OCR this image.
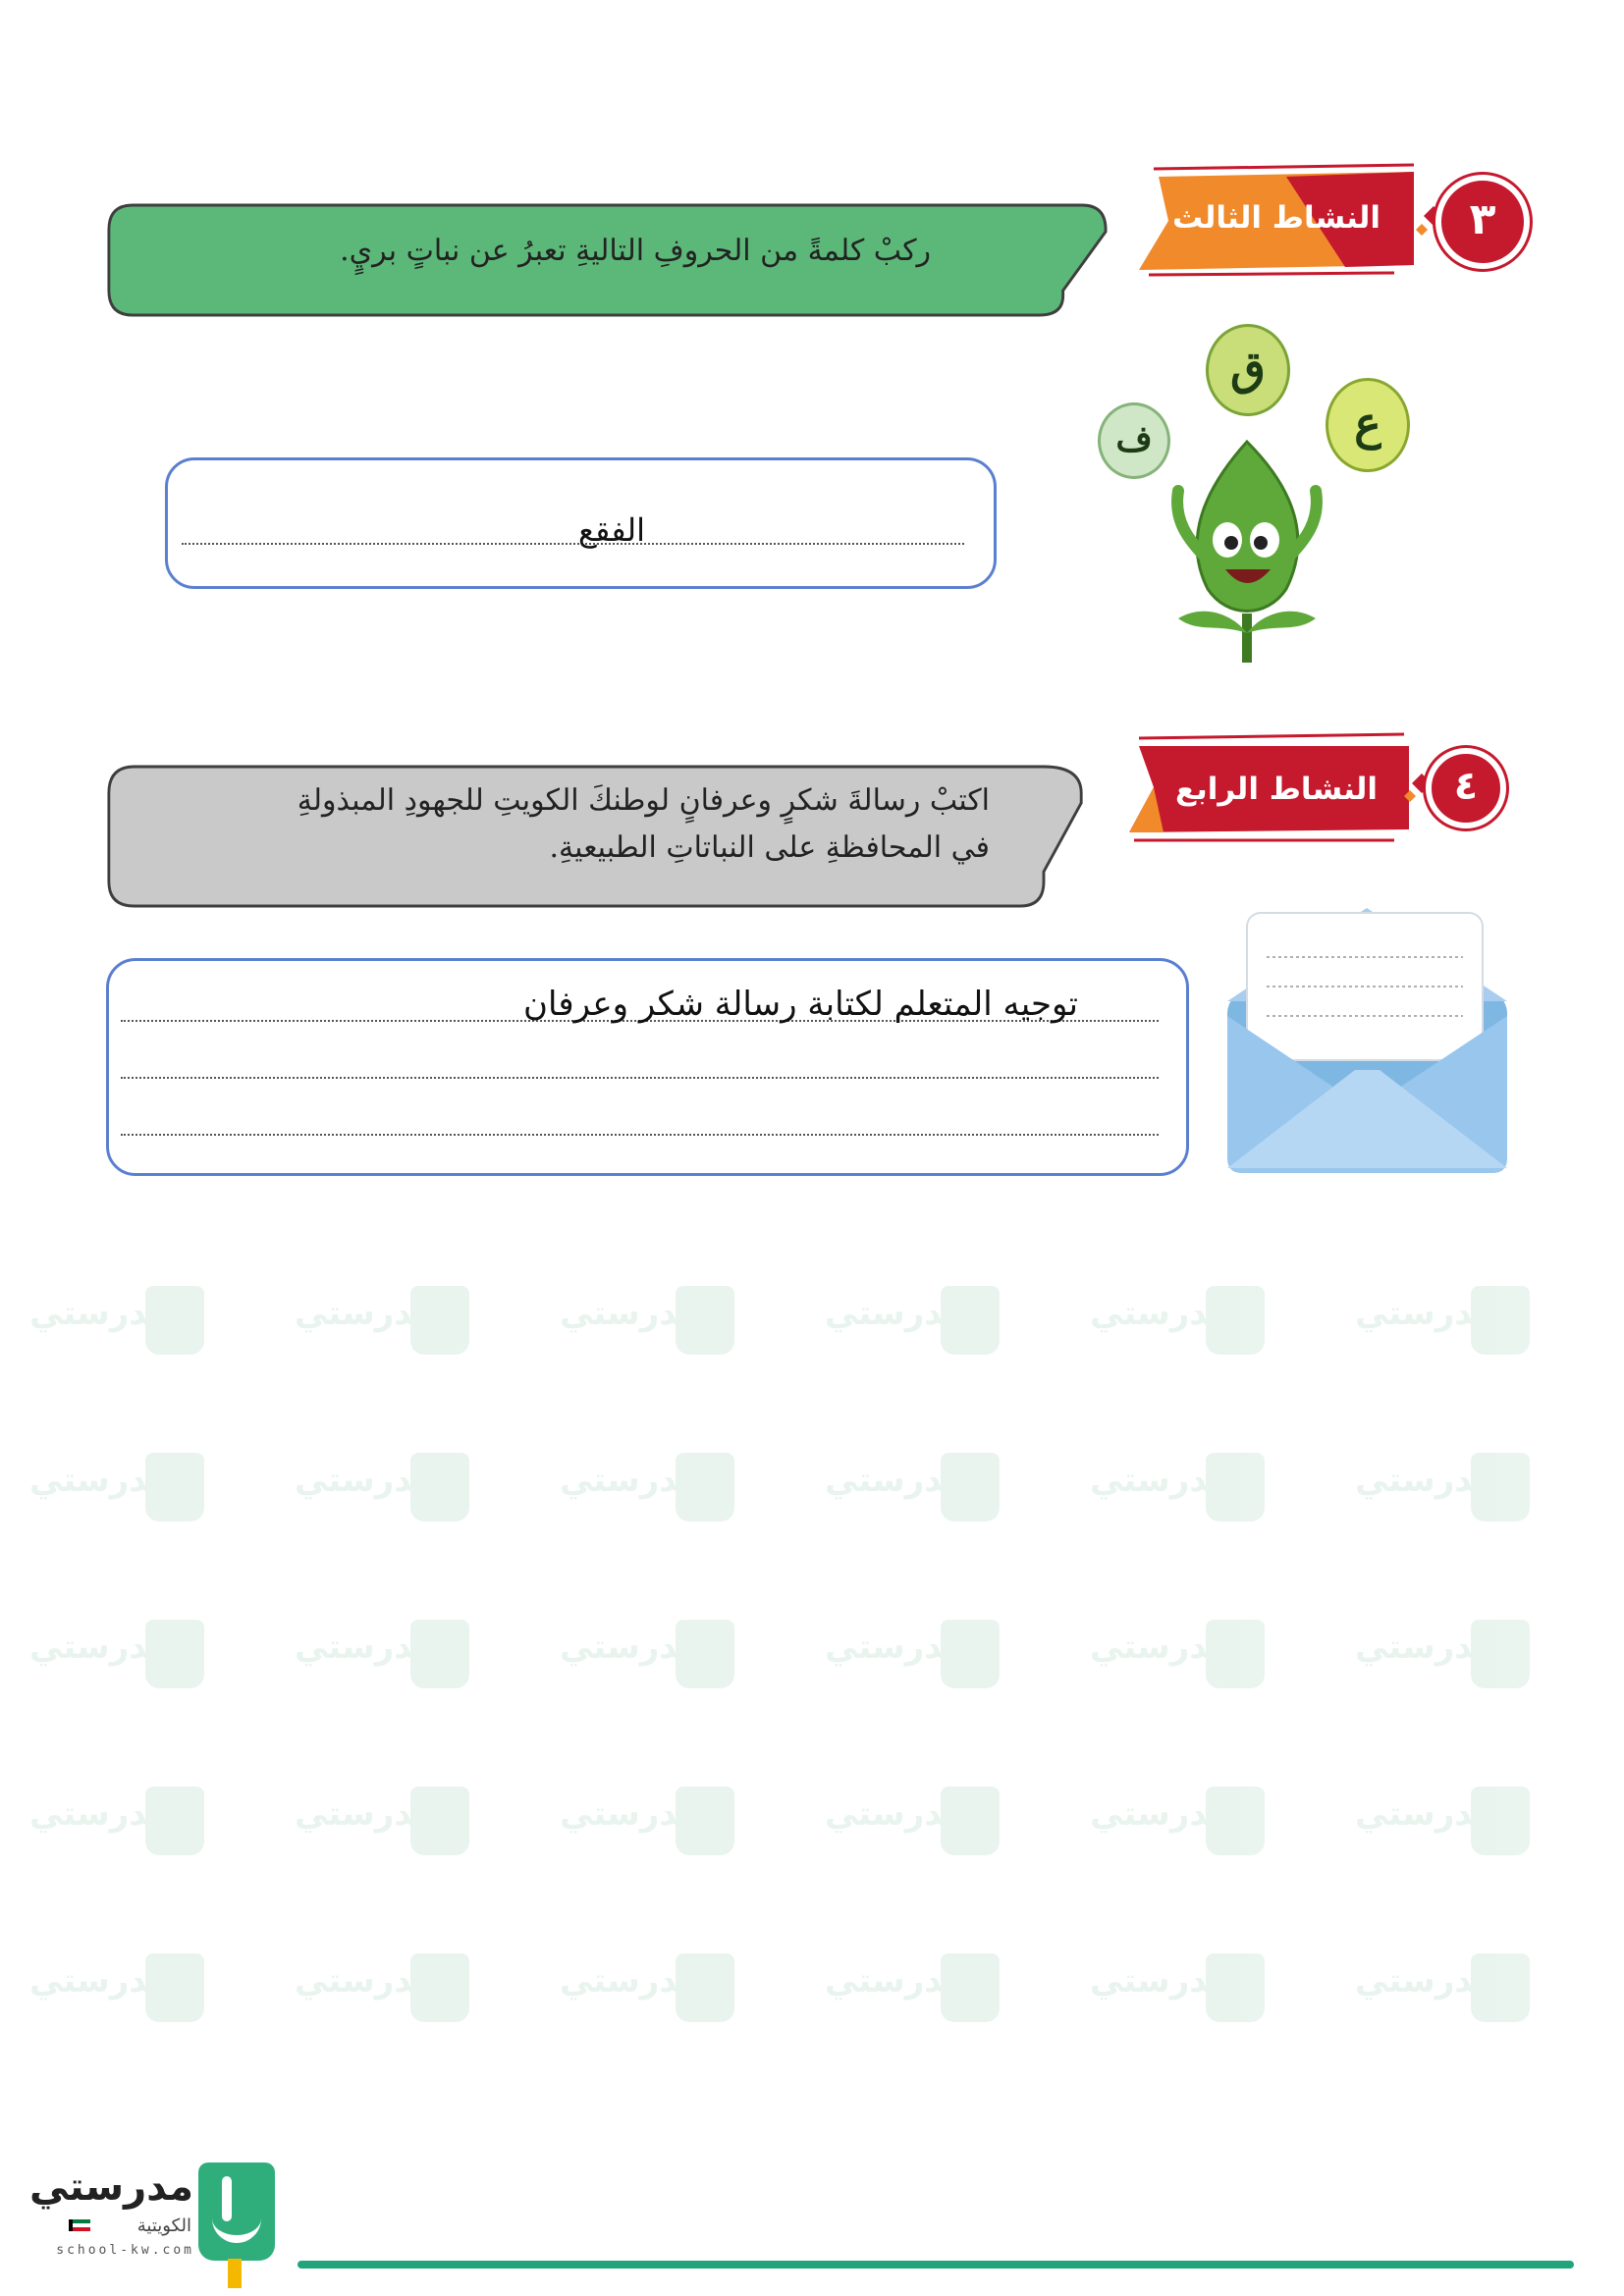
مدرستي	مدرستي	مدرستي	مدرستي	مدرستي	مدرستي
مدرستي	مدرستي	مدرستي	مدرستي	مدرستي	مدرستي
مدرستي	مدرستي	مدرستي	مدرستي	مدرستي	مدرستي
مدرستي	مدرستي	مدرستي	مدرستي	مدرستي	مدرستي
مدرستي	مدرستي	مدرستي	مدرستي	مدرستي	مدرستي
النشاط الثالث	٣
ركبْ كلمةً من الحروفِ التاليةِ تعبرُ عن نباتٍ بريٍ.
ق
ع
ف
الفقع
النشاط الرابع	٤
اكتبْ رسالةَ شكرٍ وعرفانٍ لوطنكَ الكويتِ للجهودِ المبذولةِ
في المحافظةِ على النباتاتِ الطبيعيةِ.
توجيه المتعلم لكتابة رسالة شكر وعرفان
مدرستي
الكويتية
school-kw.com
